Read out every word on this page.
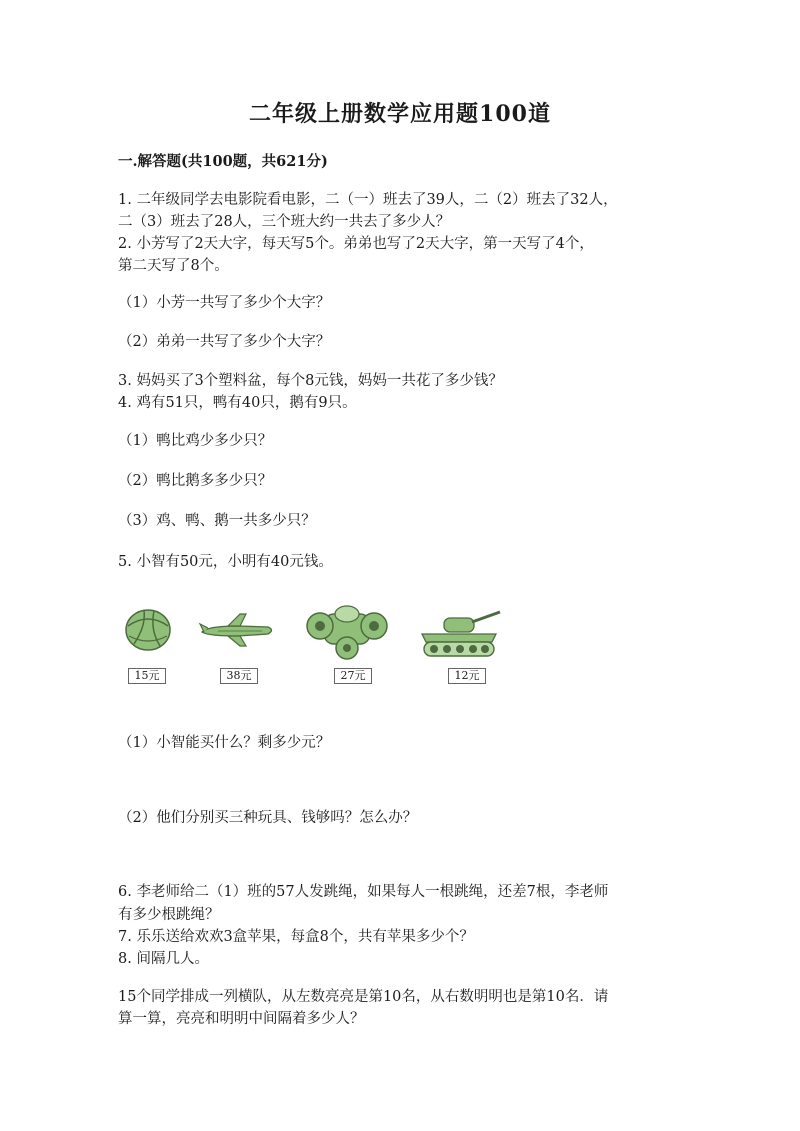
二年级上册数学应用题100道
一.解答题(共100题，共621分)
1. 二年级同学去电影院看电影，二（一）班去了39人，二（2）班去了32人，
二（3）班去了28人，三个班大约一共去了多少人？
2. 小芳写了2天大字，每天写5个。弟弟也写了2天大字，第一天写了4个，
第二天写了8个。
（1）小芳一共写了多少个大字？
（2）弟弟一共写了多少个大字？
3. 妈妈买了3个塑料盆，每个8元钱，妈妈一共花了多少钱？
4. 鸡有51只，鸭有40只，鹅有9只。
（1）鸭比鸡少多少只？
（2）鸭比鹅多多少只？
（3）鸡、鸭、鹅一共多少只？
5. 小智有50元，小明有40元钱。
15元	38元	27元	12元
（1）小智能买什么？剩多少元？
（2）他们分别买三种玩具、钱够吗？怎么办？
6. 李老师给二（1）班的57人发跳绳，如果每人一根跳绳，还差7根，李老师
有多少根跳绳？
7. 乐乐送给欢欢3盒苹果，每盒8个，共有苹果多少个？
8. 间隔几人。
15个同学排成一列横队，从左数亮亮是第10名，从右数明明也是第10名．请
算一算，亮亮和明明中间隔着多少人？
